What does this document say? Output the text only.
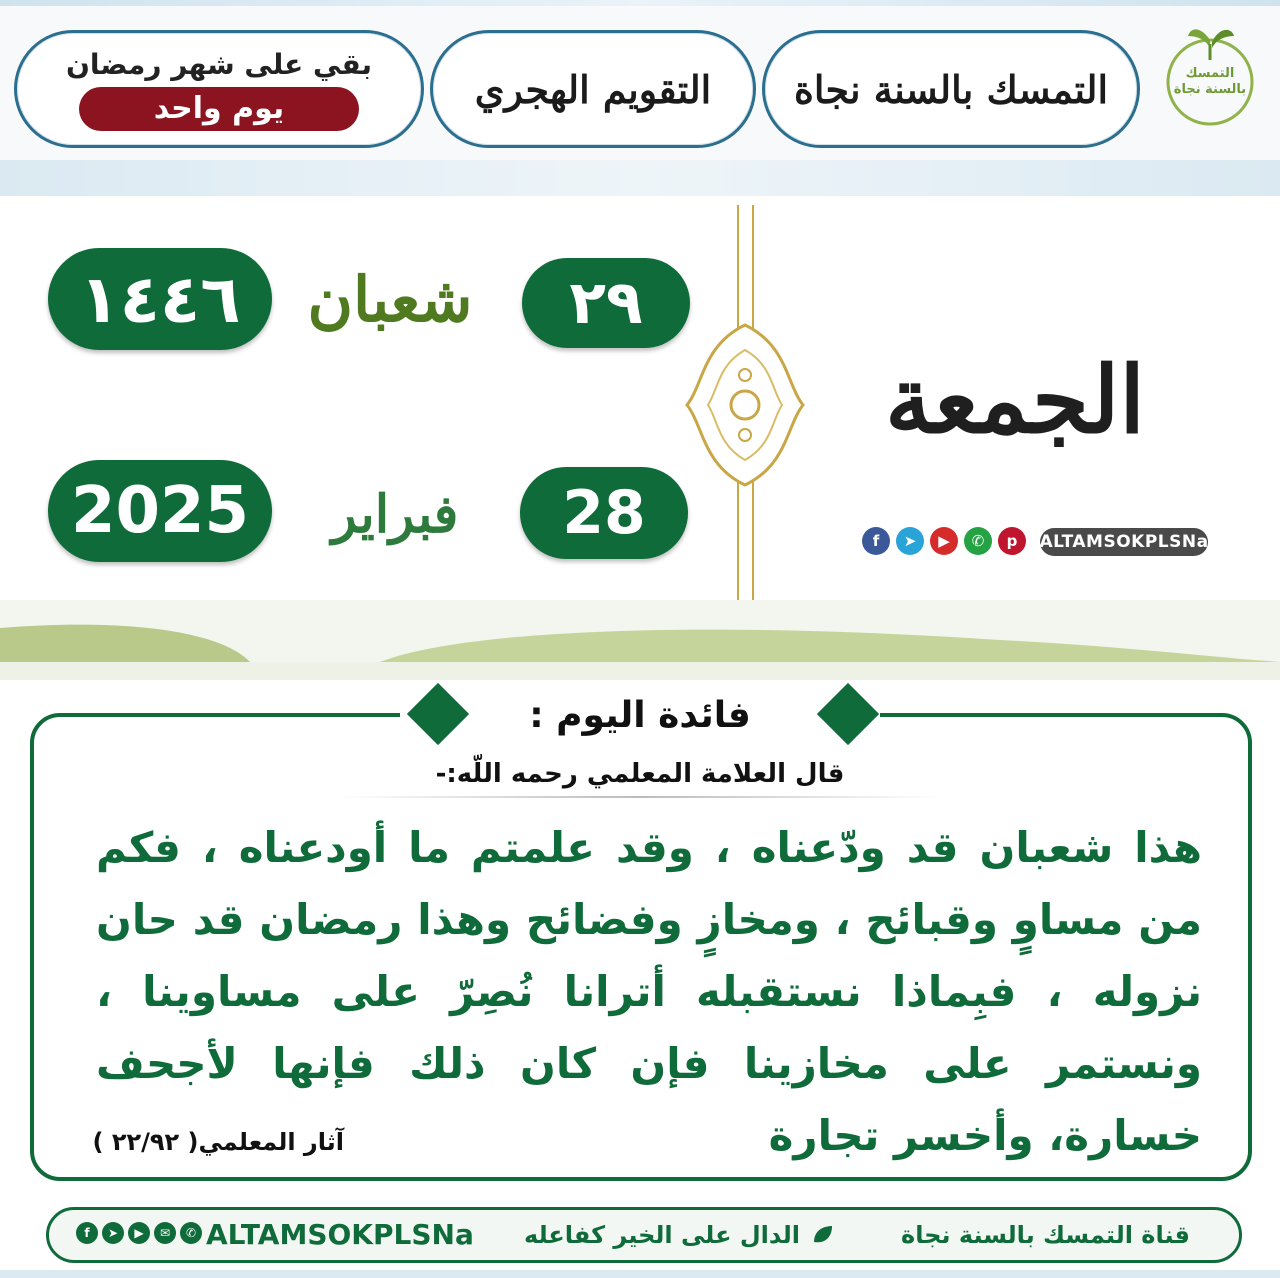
التمسك بالسنة نجاة
التمسك بالسنة نجاة
التقويم الهجري
بقي على شهر رمضان
يوم واحد
٢٩
شعبان
١٤٤٦
28
فبراير
2025
الجمعة
f	➤	▶	✆	p	ALTAMSOKPLSNa
فائدة اليوم :
قال العلامة المعلمي رحمه اللّه:-
هذا شعبان قد ودّعناه ، وقد علمتم ما أودعناه ، فكم من مساوٍ وقبائح ، ومخازٍ وفضائح وهذا رمضان قد حان نزوله ، فبِماذا نستقبله أترانا نُصِرّ على مساوينا ، ونستمر على مخازينا فإن كان ذلك فإنها لأجحف خسارة، وأخسر تجارة
آثار المعلمي( ٢٢/٩٢ )
قناة التمسك بالسنة نجاة
الدال على الخير كفاعله
ALTAMSOKPLSNa
f	➤	▶	✉	✆
